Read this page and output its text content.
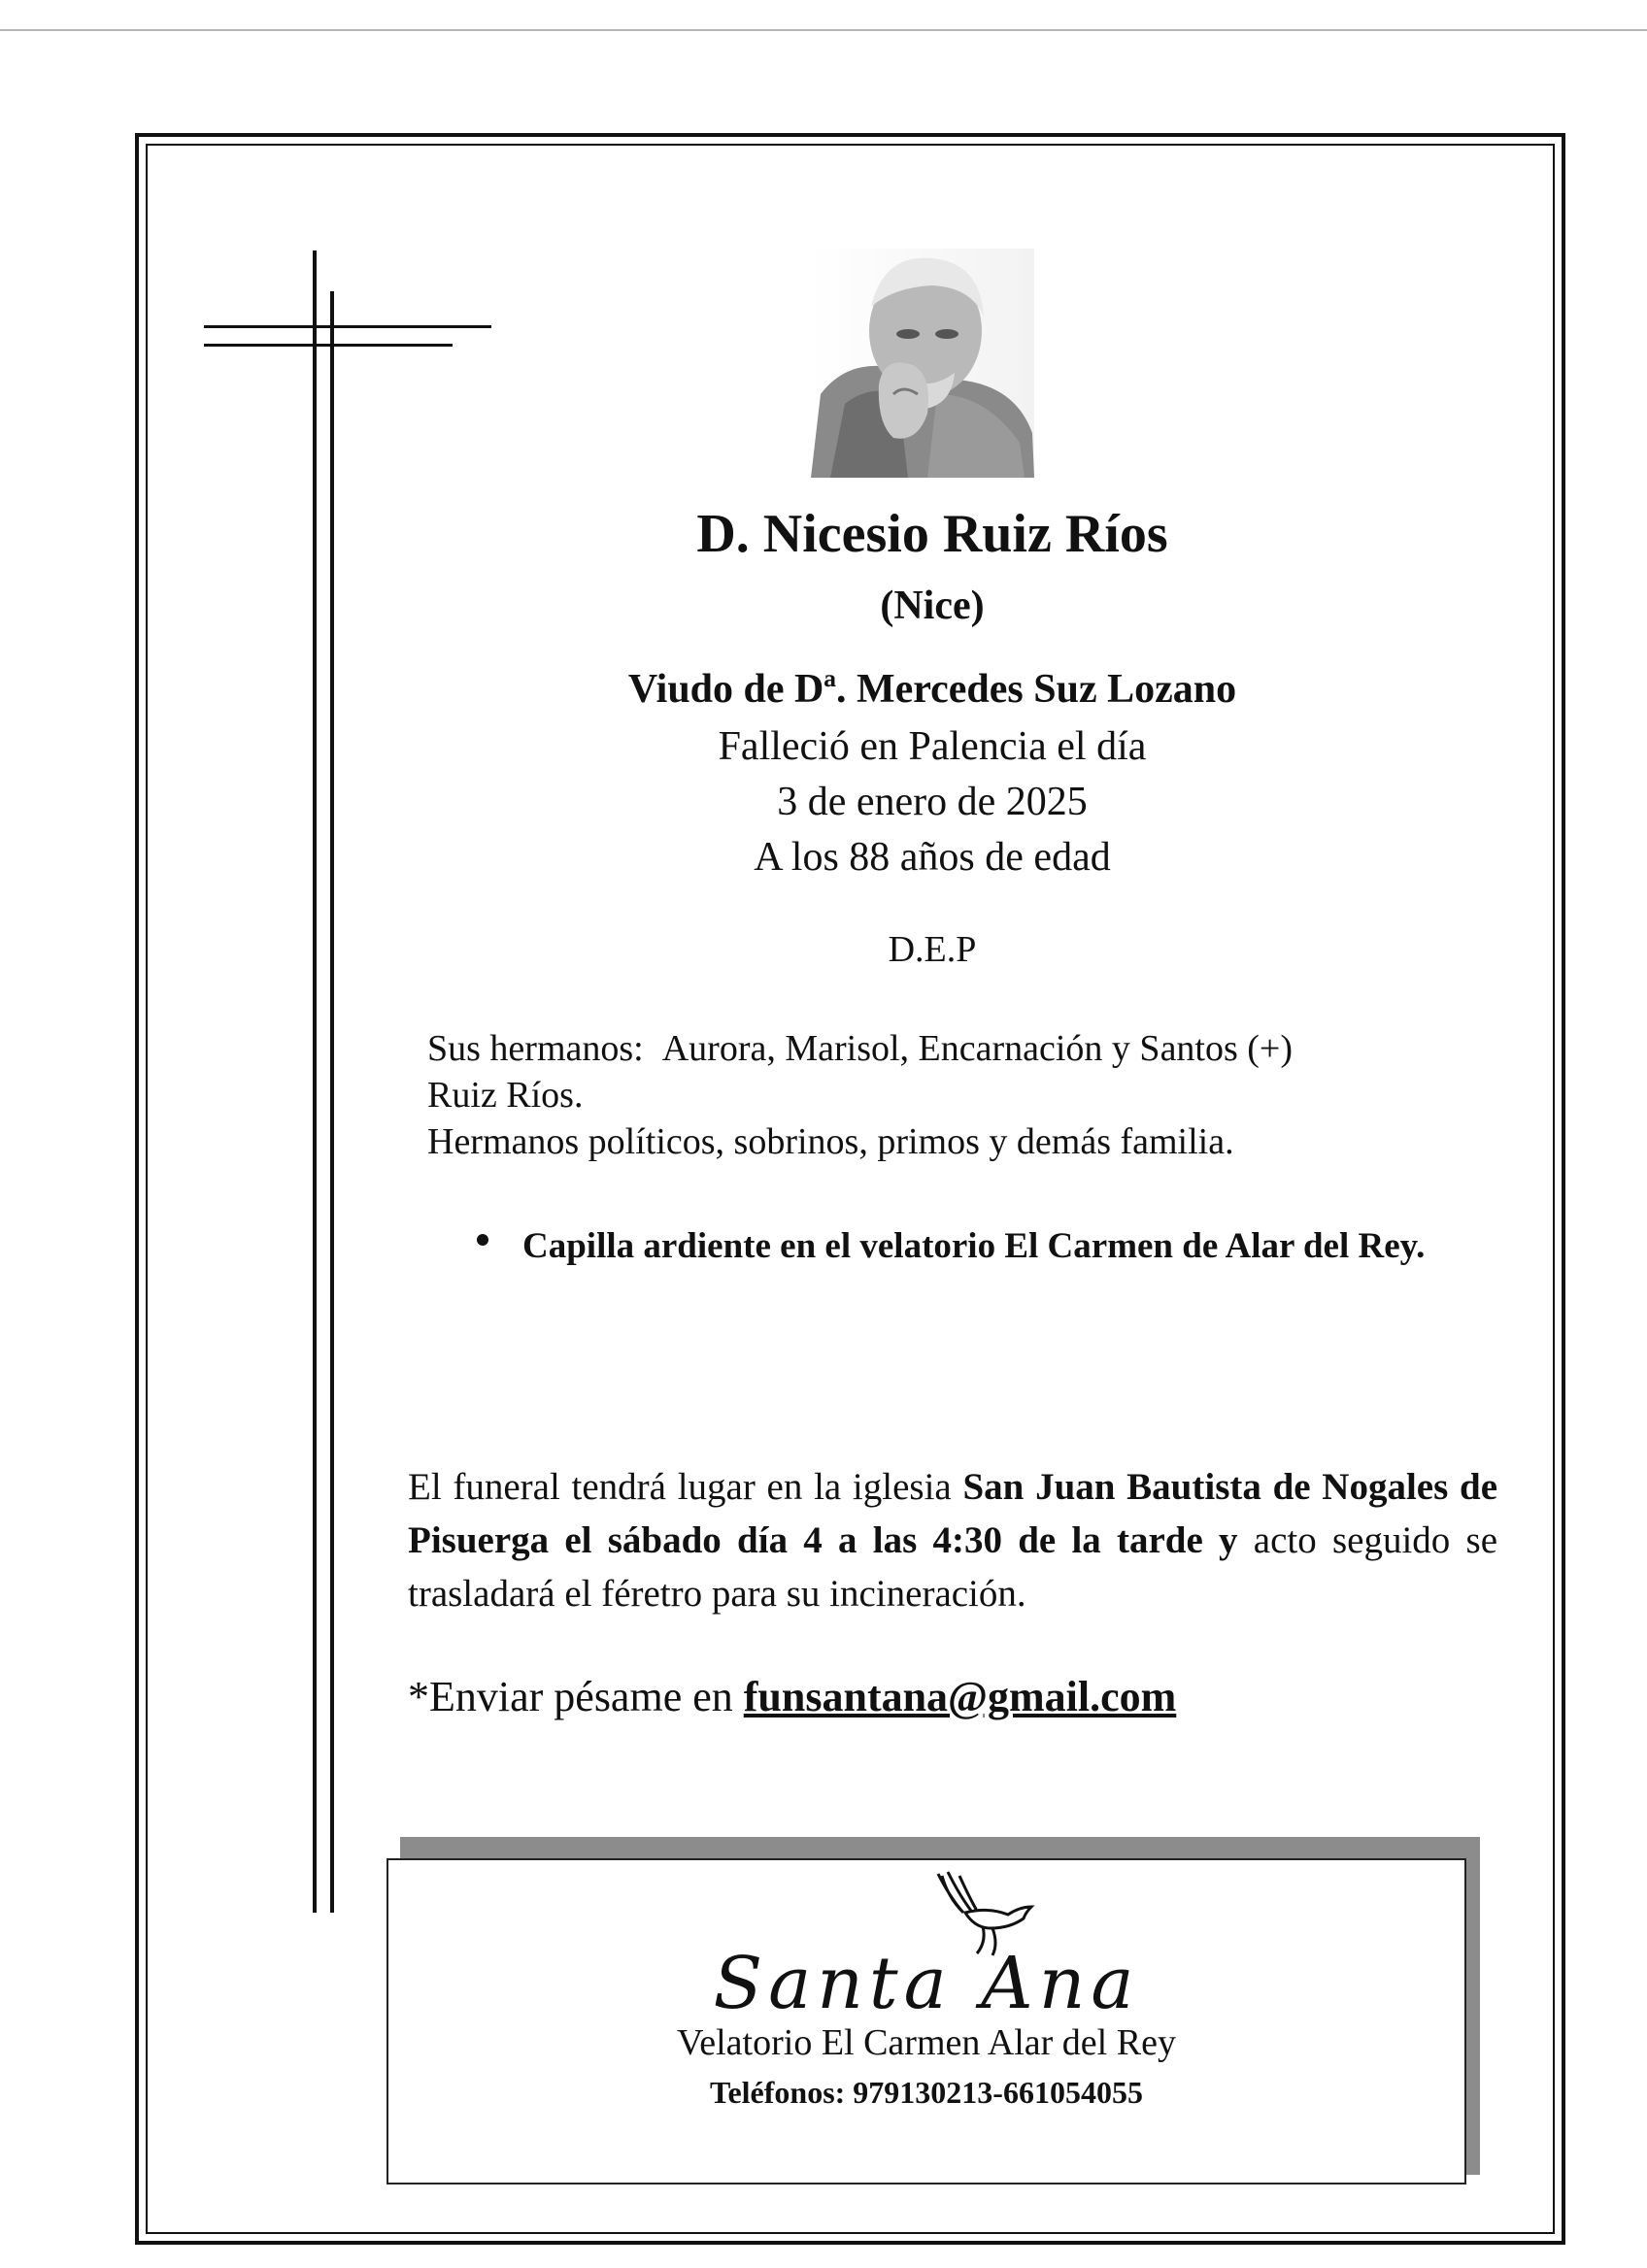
D. Nicesio Ruiz Ríos
(Nice)
Viudo de Dª. Mercedes Suz Lozano
Falleció en Palencia el día
3 de enero de 2025
A los 88 años de edad
D.E.P
Sus hermanos: Aurora, Marisol, Encarnación y Santos (+)
Ruiz Ríos.
Hermanos políticos, sobrinos, primos y demás familia.
Capilla ardiente en el velatorio El Carmen de Alar del Rey.
El funeral tendrá lugar en la iglesia San Juan Bautista de Nogales de Pisuerga el sábado día 4 a las 4:30 de la tarde y acto seguido se trasladará el féretro para su incineración.
*Enviar pésame en funsantana@gmail.com
Santa Ana
Velatorio El Carmen Alar del Rey
Teléfonos: 979130213-661054055
